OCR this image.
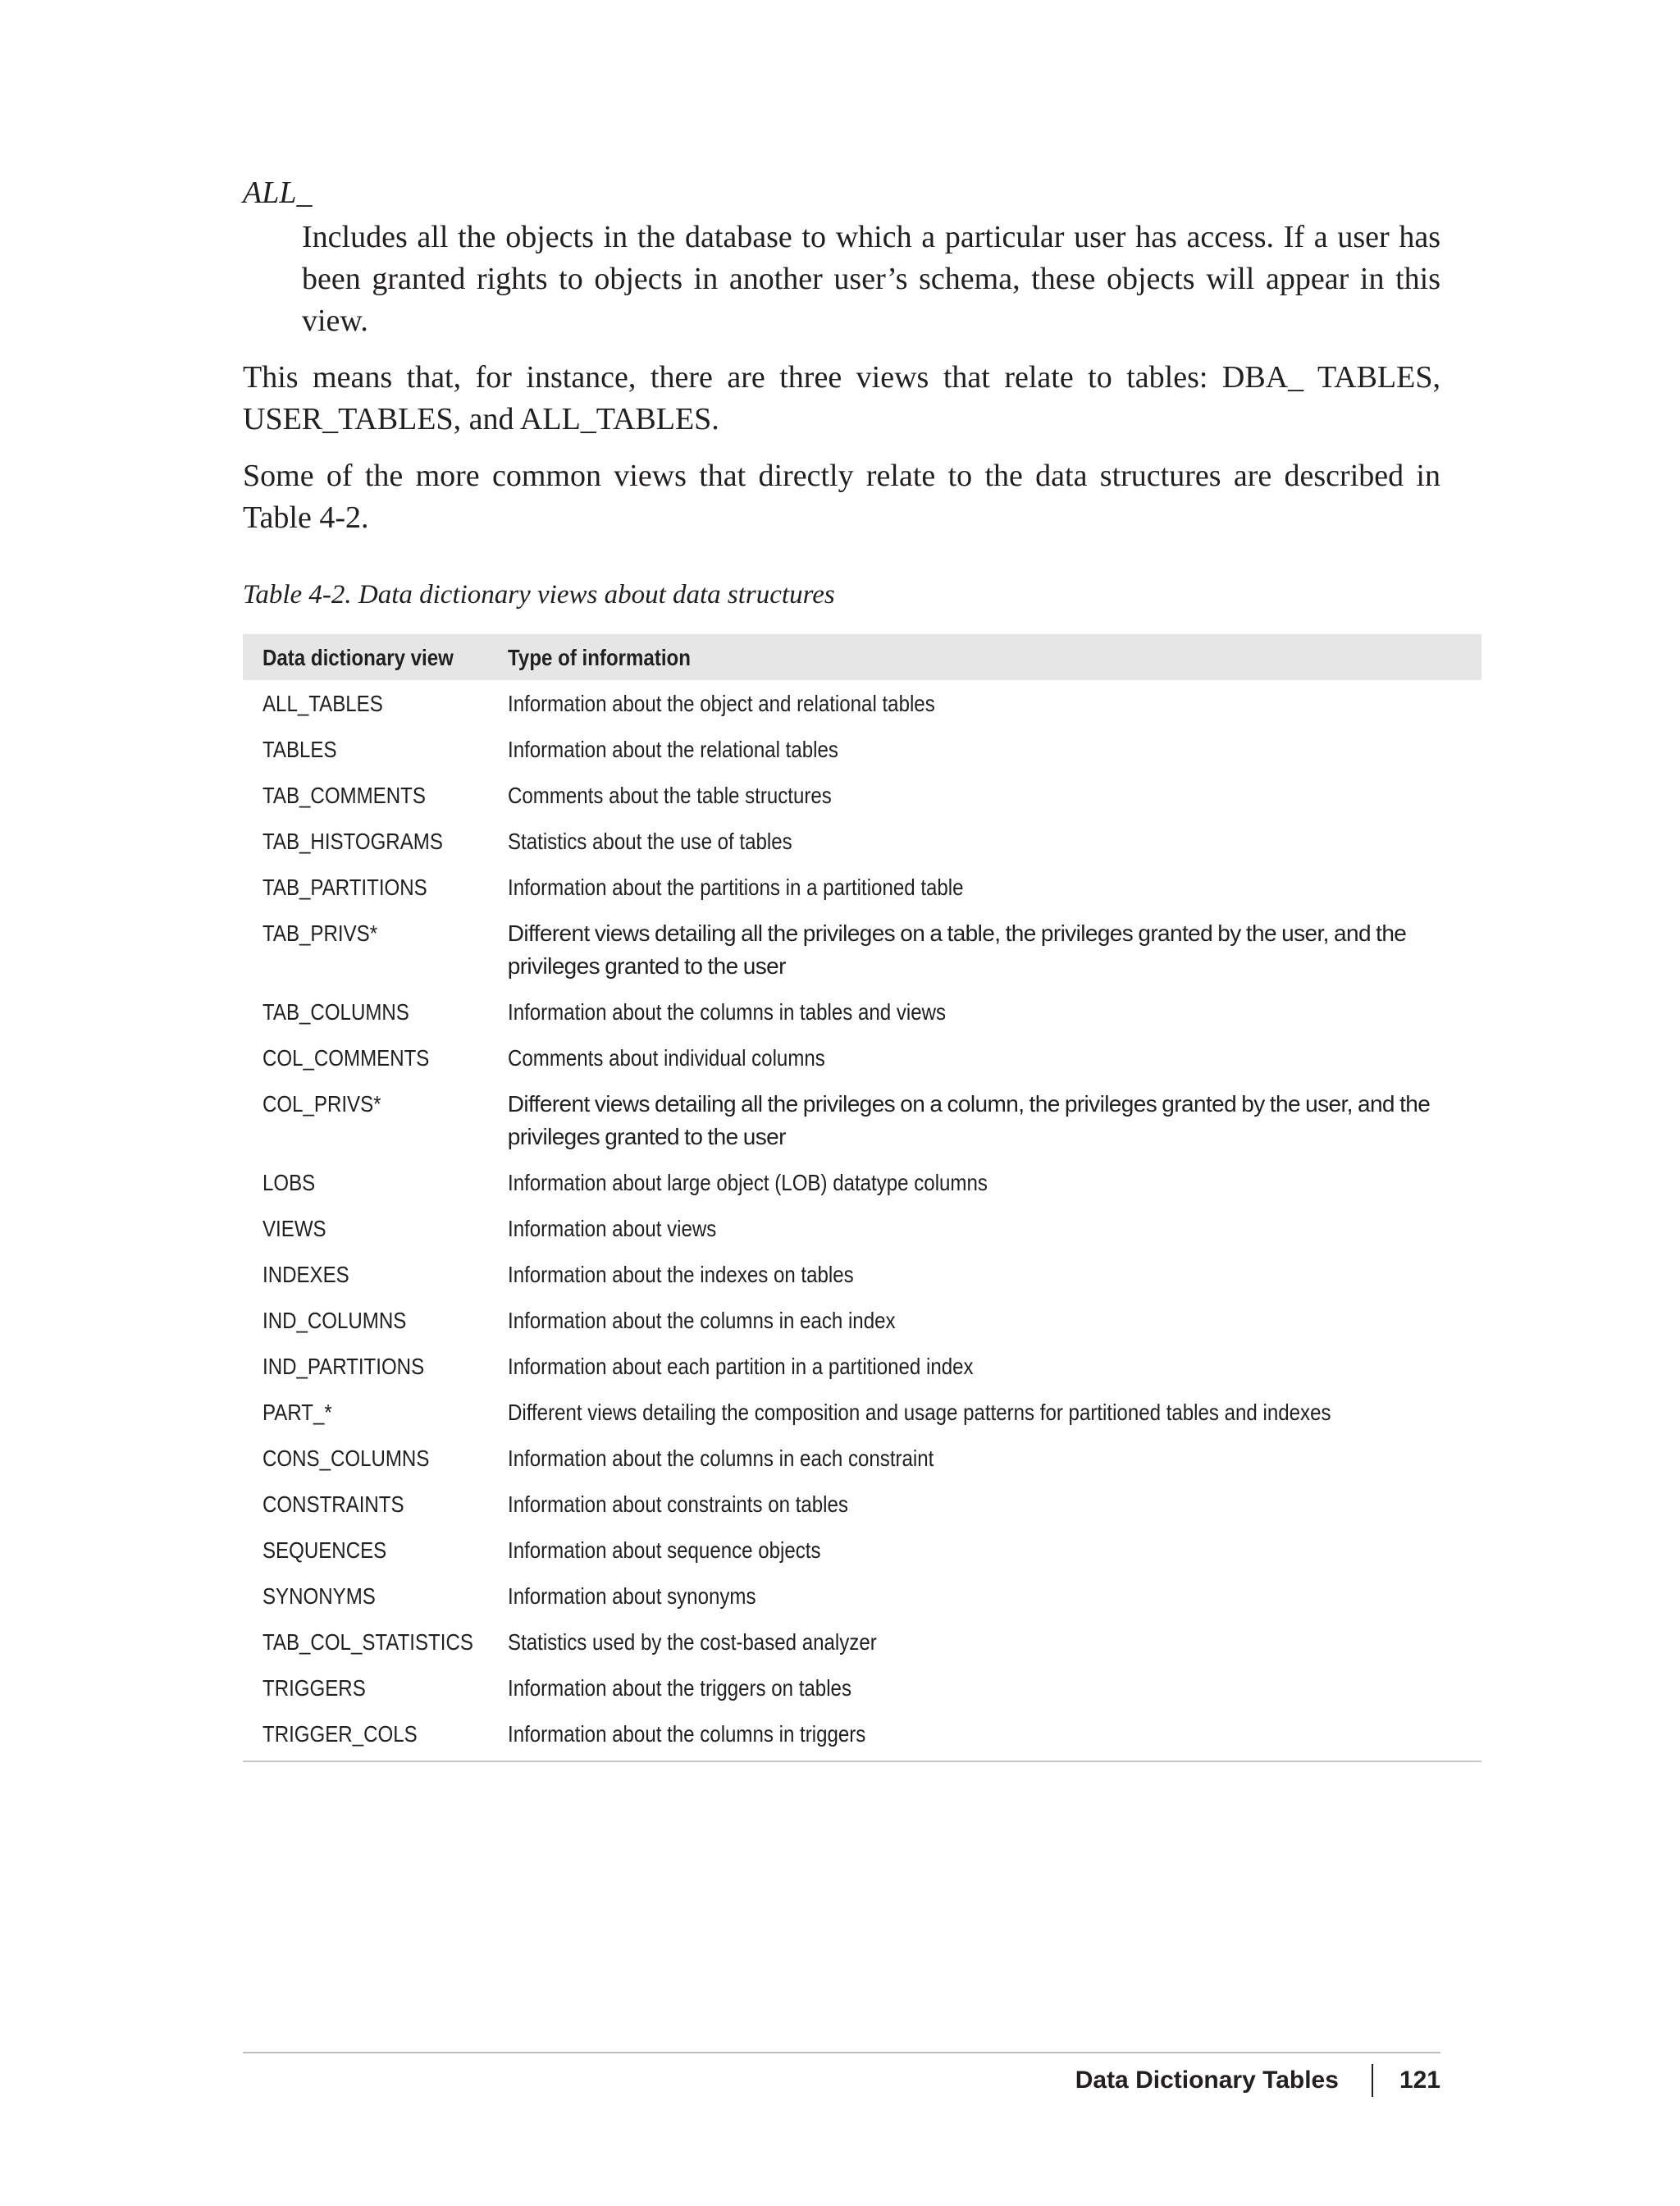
ALL_
Includes all the objects in the database to which a particular user has access. If a user has been granted rights to objects in another user’s schema, these objects will appear in this view.

This means that, for instance, there are three views that relate to tables: DBA_ TABLES, USER_TABLES, and ALL_TABLES.

Some of the more common views that directly relate to the data structures are described in Table 4-2.

Table 4-2. Data dictionary views about data structures
Data dictionary view	Type of information
ALL_TABLES	Information about the object and relational tables
TABLES	Information about the relational tables
TAB_COMMENTS	Comments about the table structures
TAB_HISTOGRAMS	Statistics about the use of tables
TAB_PARTITIONS	Information about the partitions in a partitioned table
TAB_PRIVS*	Different views detailing all the privileges on a table, the privileges granted by the user, and the privileges granted to the user
TAB_COLUMNS	Information about the columns in tables and views
COL_COMMENTS	Comments about individual columns
COL_PRIVS*	Different views detailing all the privileges on a column, the privileges granted by the user, and the privileges granted to the user
LOBS	Information about large object (LOB) datatype columns
VIEWS	Information about views
INDEXES	Information about the indexes on tables
IND_COLUMNS	Information about the columns in each index
IND_PARTITIONS	Information about each partition in a partitioned index
PART_*	Different views detailing the composition and usage patterns for partitioned tables and indexes
CONS_COLUMNS	Information about the columns in each constraint
CONSTRAINTS	Information about constraints on tables
SEQUENCES	Information about sequence objects
SYNONYMS	Information about synonyms
TAB_COL_STATISTICS	Statistics used by the cost-based analyzer
TRIGGERS	Information about the triggers on tables
TRIGGER_COLS	Information about the columns in triggers
Data Dictionary Tables 121
